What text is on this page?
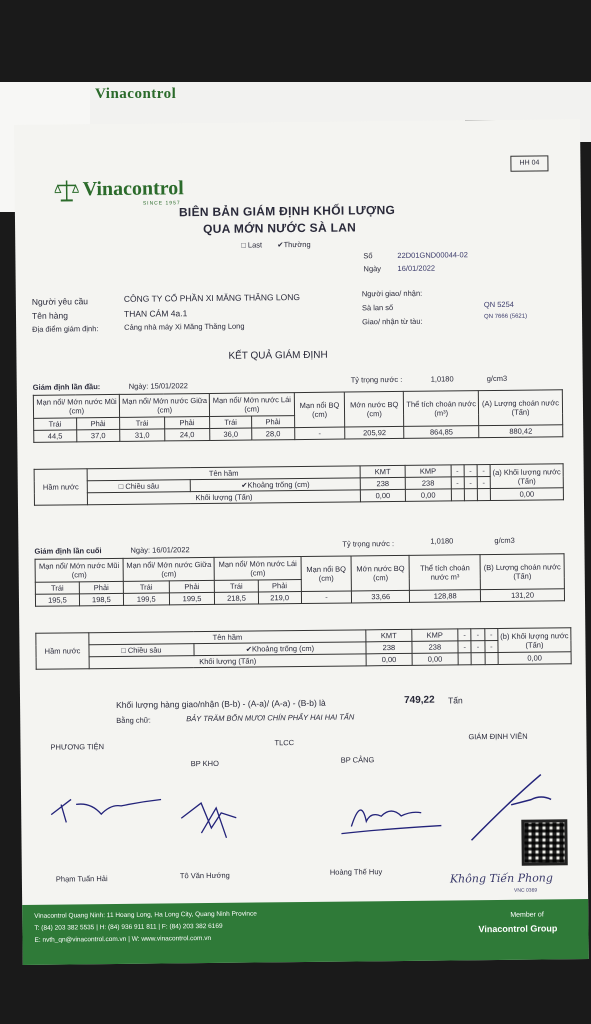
Vinacontrol
Vinacontrol
SINCE 1957
HH 04
BIÊN BẢN GIÁM ĐỊNH KHỐI LƯỢNG
QUA MỚN NƯỚC SÀ LAN
□ Last ✔Thường
Số	22D01GND00044-02
Ngày 16/01/2022
Người yêu cầu	CÔNG TY CỔ PHẦN XI MĂNG THĂNG LONG
Tên hàng	THAN CÁM 4a.1
Địa điểm giám định:	Cảng nhà máy Xi Măng Thăng Long
Người giao/ nhận:
Sà lan số	QN 5254
Giao/ nhận từ tàu:	QN 7666 (5621)
KẾT QUẢ GIÁM ĐỊNH
Giám định lần đầu:	Ngày: 15/01/2022
Tỷ trọng nước :	1,0180	g/cm3
Mạn nổi/ Mớn nước Mũi (cm)		Mạn nổi/ Mớn nước Giữa (cm)		Mạn nổi/ Mớn nước Lái (cm)		Mạn nổi BQ (cm)	Mớn nước BQ (cm)	Thể tích choán nước (m³)	(A) Lượng choán nước (Tấn)
Trái	Phải	Trái	Phải	Trái	Phải				
44,5	37,0	31,0	24,0	36,0	28,0	-	205,92	864,85	880,42
Hầm nước	Tên hầm		KMT	KMP	-	-	-	(a) Khối lượng nước (Tấn)
	□ Chiều sâu	✔Khoảng trống (cm)	238	238	-	-	-	
	Khối lượng (Tấn)		0,00	0,00				0,00
Giám định lần cuối	Ngày: 16/01/2022
Tỷ trọng nước :	1,0180	g/cm3
Mạn nổi/ Mớn nước Mũi (cm)		Mạn nổi/ Mớn nước Giữa (cm)		Mạn nổi/ Mớn nước Lái (cm)		Mạn nổi BQ (cm)	Mớn nước BQ (cm)	Thể tích choán nước m³	(B) Lượng choán nước (Tấn)
Trái	Phải	Trái	Phải	Trái	Phải				
195,5	198,5	199,5	199,5	218,5	219,0	-	33,66	128,88	131,20
Hầm nước	Tên hầm		KMT	KMP	-	-	-	(b) Khối lượng nước (Tấn)
	□ Chiều sâu	✔Khoảng trống (cm)	238	238	-	-	-	
	Khối lượng (Tấn)		0,00	0,00				0,00
Khối lượng hàng giao/nhận (B-b) - (A-a)/ (A-a) - (B-b) là	749,22 Tấn
Bằng chữ:	BẢY TRĂM BỐN MƯƠI CHÍN PHẨY HAI HAI TẤN
PHƯƠNG TIỆN	TLCC
GIÁM ĐỊNH VIÊN
BP KHO	BP CẢNG
Phạm Tuấn Hải	Tô Văn Hướng	Hoàng Thế Huy	Không Tiến Phong
VNC 0369
Vinacontrol Quang Ninh: 11 Hoang Long, Ha Long City, Quang Ninh Province
T: (84) 203 382 5535 | H: (84) 936 911 811 | F: (84) 203 382 6169
E: nvth_qn@vinacontrol.com.vn | W: www.vinacontrol.com.vn
Member of
Vinacontrol Group
